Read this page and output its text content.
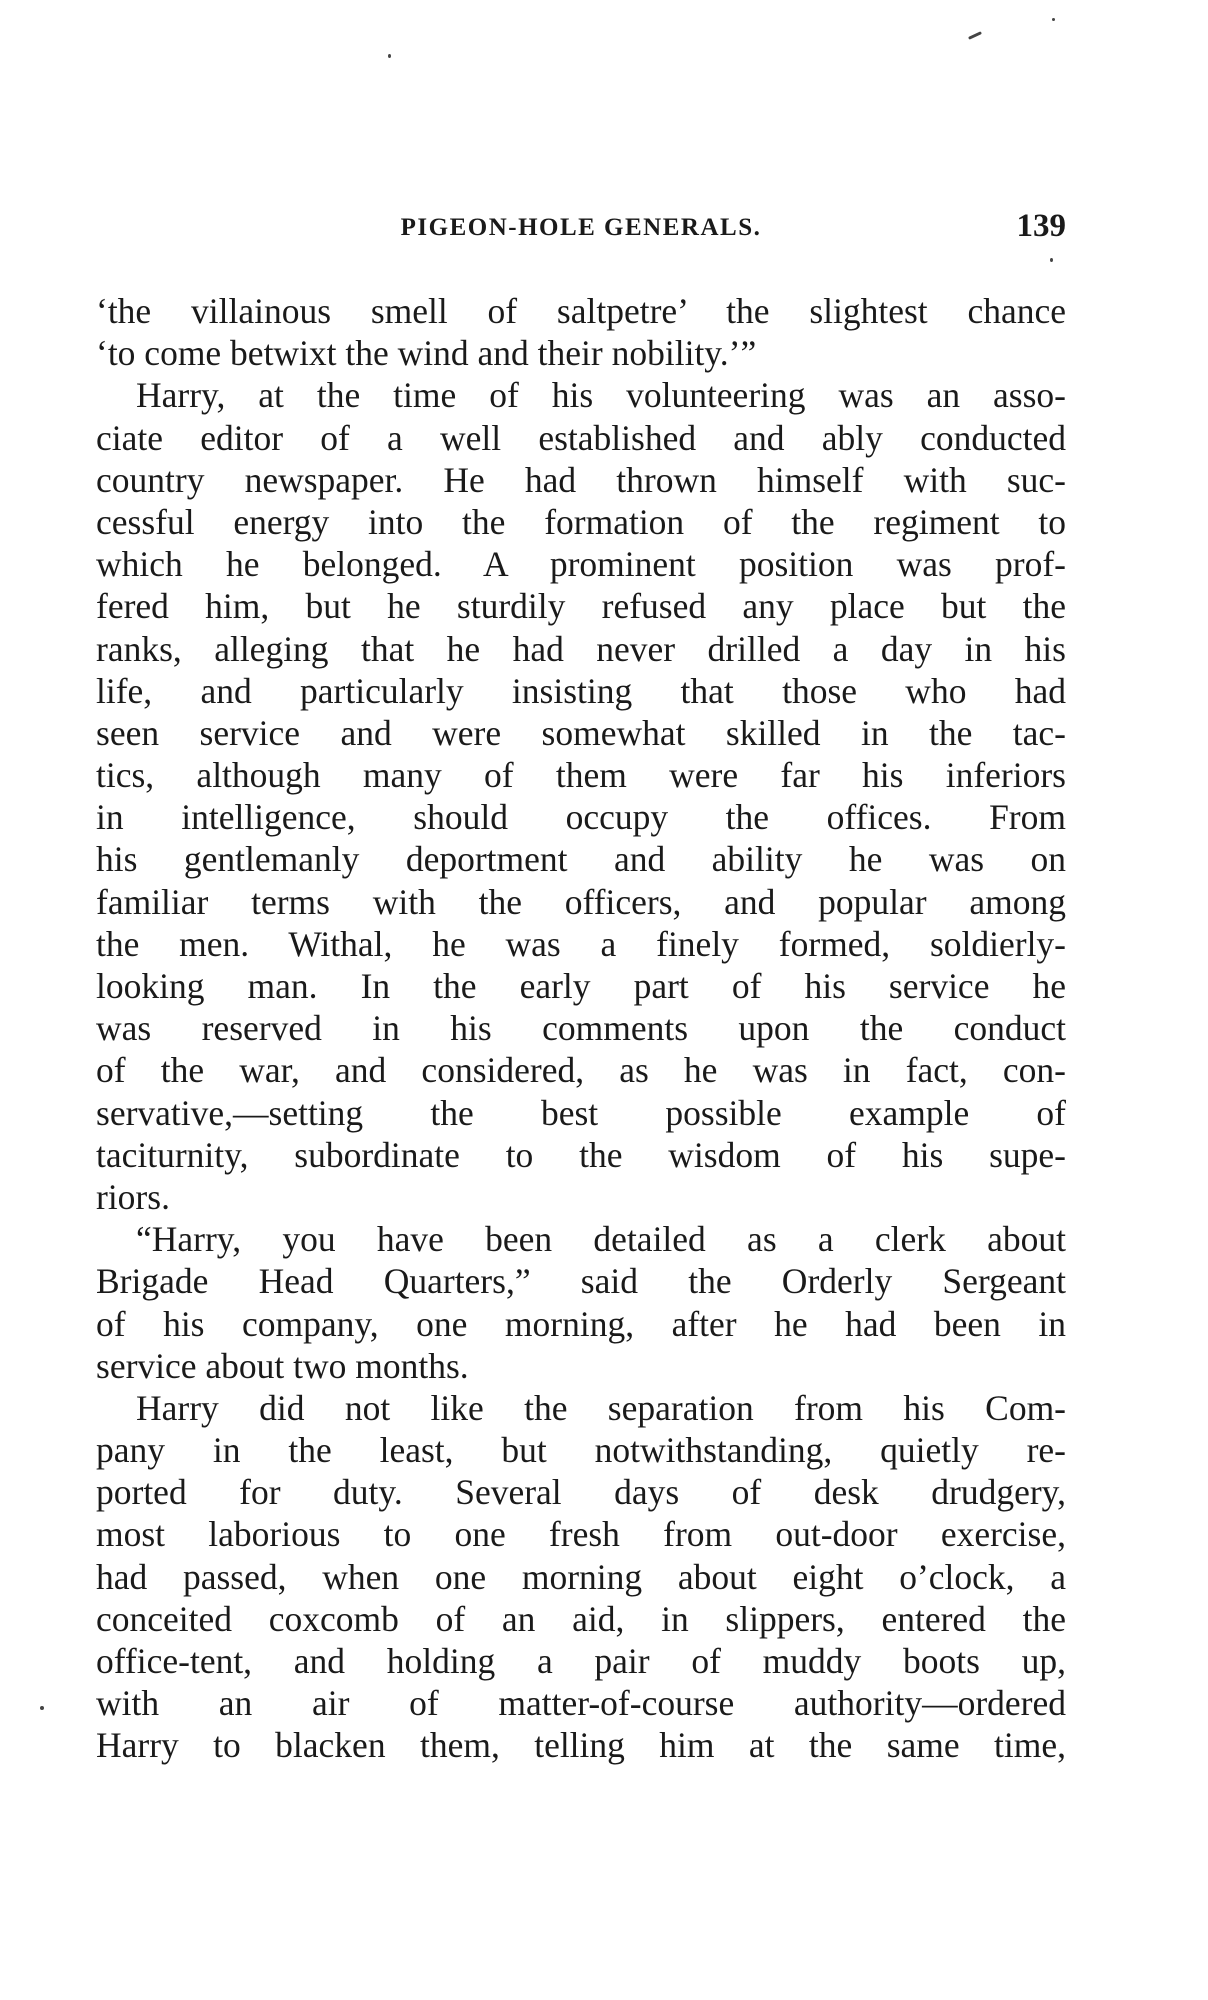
PIGEON-HOLE GENERALS.	139
‘the villainous smell of saltpetre’ the slightest chance
‘to come betwixt the wind and their nobility.’”
Harry, at the time of his volunteering was an asso-
ciate editor of a well established and ably conducted
country newspaper. He had thrown himself with suc-
cessful energy into the formation of the regiment to
which he belonged. A prominent position was prof-
fered him, but he sturdily refused any place but the
ranks, alleging that he had never drilled a day in his
life, and particularly insisting that those who had
seen service and were somewhat skilled in the tac-
tics, although many of them were far his inferiors
in intelligence, should occupy the offices. From
his gentlemanly deportment and ability he was on
familiar terms with the officers, and popular among
the men. Withal, he was a finely formed, soldierly-
looking man. In the early part of his service he
was reserved in his comments upon the conduct
of the war, and considered, as he was in fact, con-
servative,—setting the best possible example of
taciturnity, subordinate to the wisdom of his supe-
riors.
“Harry, you have been detailed as a clerk about
Brigade Head Quarters,” said the Orderly Sergeant
of his company, one morning, after he had been in
service about two months.
Harry did not like the separation from his Com-
pany in the least, but notwithstanding, quietly re-
ported for duty. Several days of desk drudgery,
most laborious to one fresh from out-door exercise,
had passed, when one morning about eight o’clock, a
conceited coxcomb of an aid, in slippers, entered the
office-tent, and holding a pair of muddy boots up,
with an air of matter-of-course authority—ordered
Harry to blacken them, telling him at the same time,
